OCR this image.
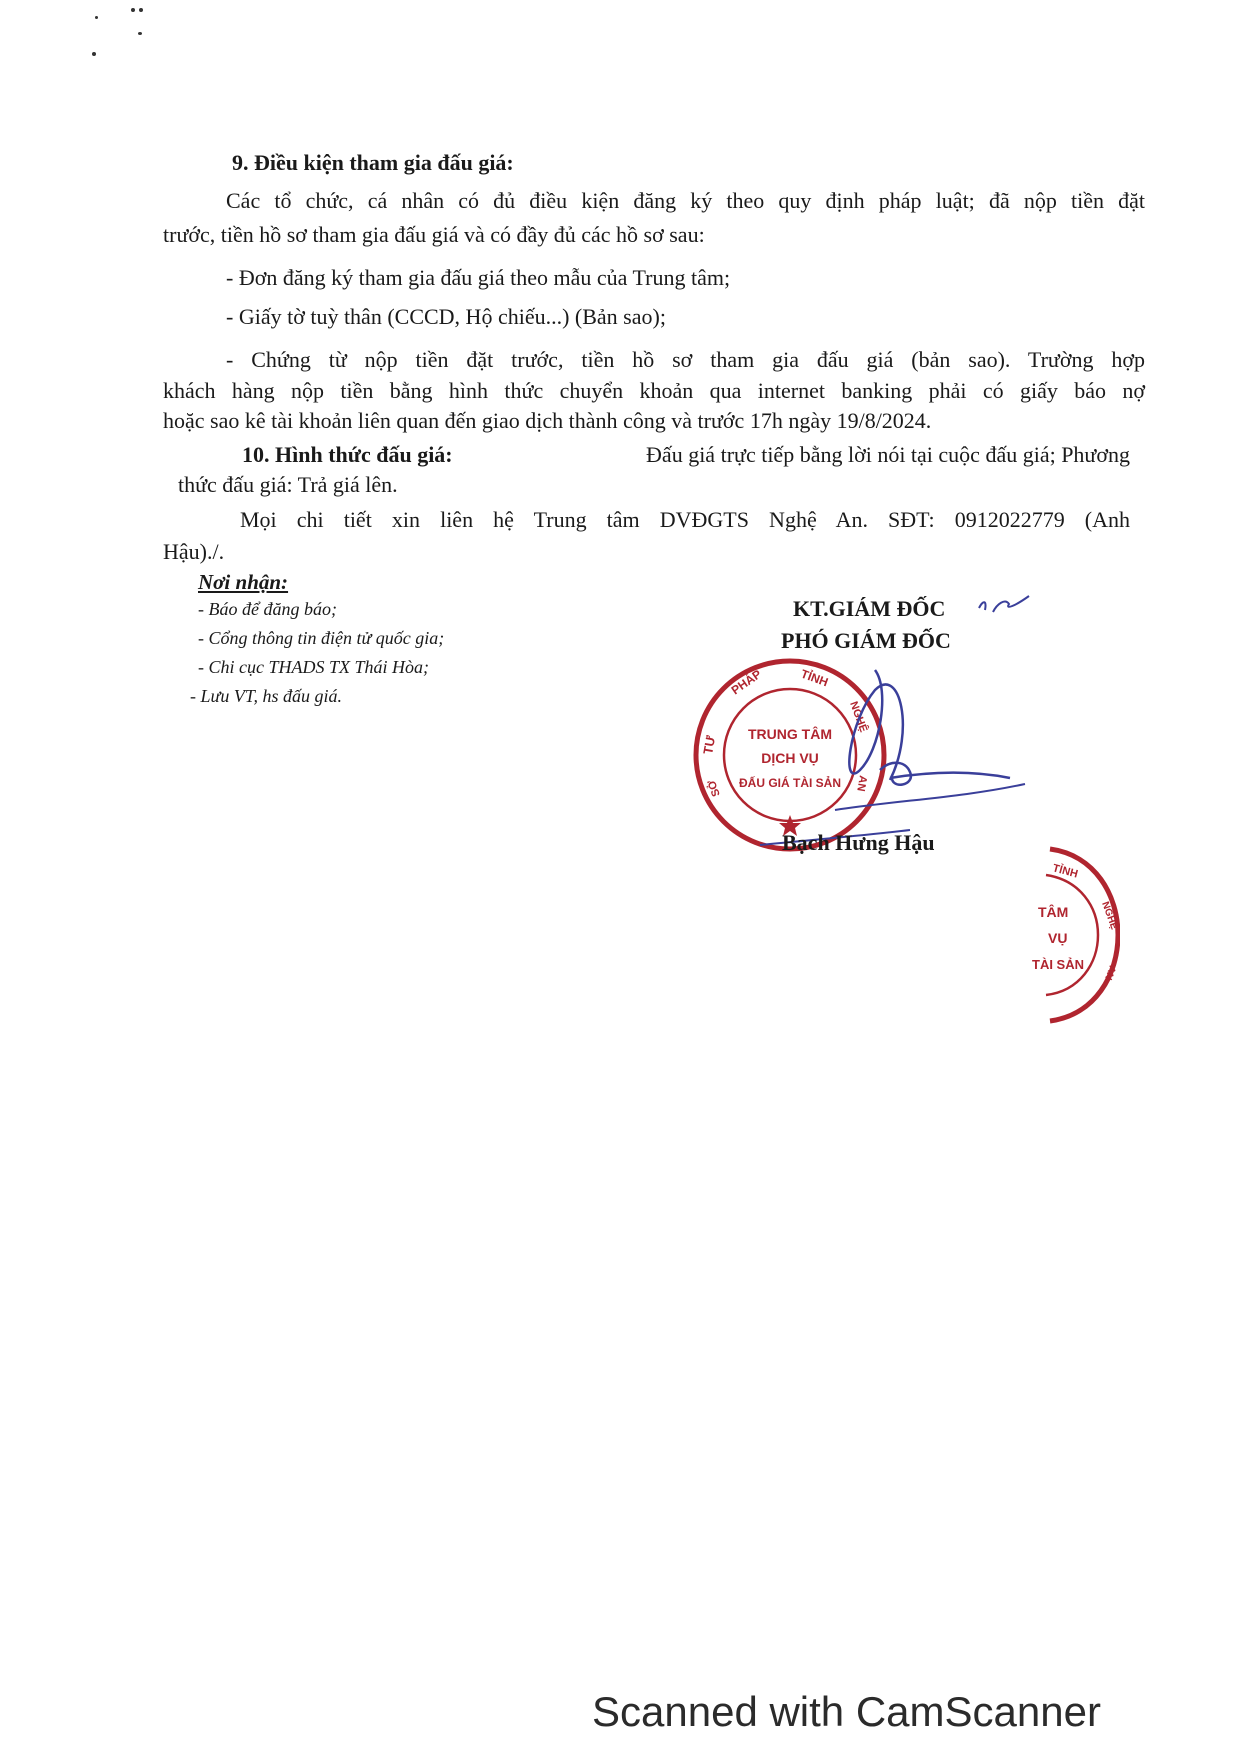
9. Điều kiện tham gia đấu giá:
Các tổ chức, cá nhân có đủ điều kiện đăng ký theo quy định pháp luật; đã nộp tiền đặt
trước, tiền hồ sơ tham gia đấu giá và có đầy đủ các hồ sơ sau:
- Đơn đăng ký tham gia đấu giá theo mẫu của Trung tâm;
- Giấy tờ tuỳ thân (CCCD, Hộ chiếu...) (Bản sao);
- Chứng từ nộp tiền đặt trước, tiền hồ sơ tham gia đấu giá (bản sao). Trường hợp
khách hàng nộp tiền bằng hình thức chuyển khoản qua internet banking phải có giấy báo nợ
hoặc sao kê tài khoản liên quan đến giao dịch thành công và trước 17h ngày 19/8/2024.
10. Hình thức đấu giá:	Đấu giá trực tiếp bằng lời nói tại cuộc đấu giá; Phương
thức đấu giá: Trả giá lên.
Mọi chi tiết xin liên hệ Trung tâm DVĐGTS Nghệ An. SĐT: 0912022779 (Anh
Hậu)./.
Nơi nhận:
- Báo để đăng báo;
- Cổng thông tin điện tử quốc gia;
- Chi cục THADS TX Thái Hòa;
- Lưu VT, hs đấu giá.
KT.GIÁM ĐỐC
PHÓ GIÁM ĐỐC
TƯ
PHÁP	TỈNH
NGHỆ
AN
SỞ
TRUNG TÂM
DỊCH VỤ
ĐẤU GIÁ TÀI SẢN
Bạch Hưng Hậu
TỈNH
NGHỆ
AN
TÂM
VỤ
TÀI SẢN
Scanned with CamScanner
